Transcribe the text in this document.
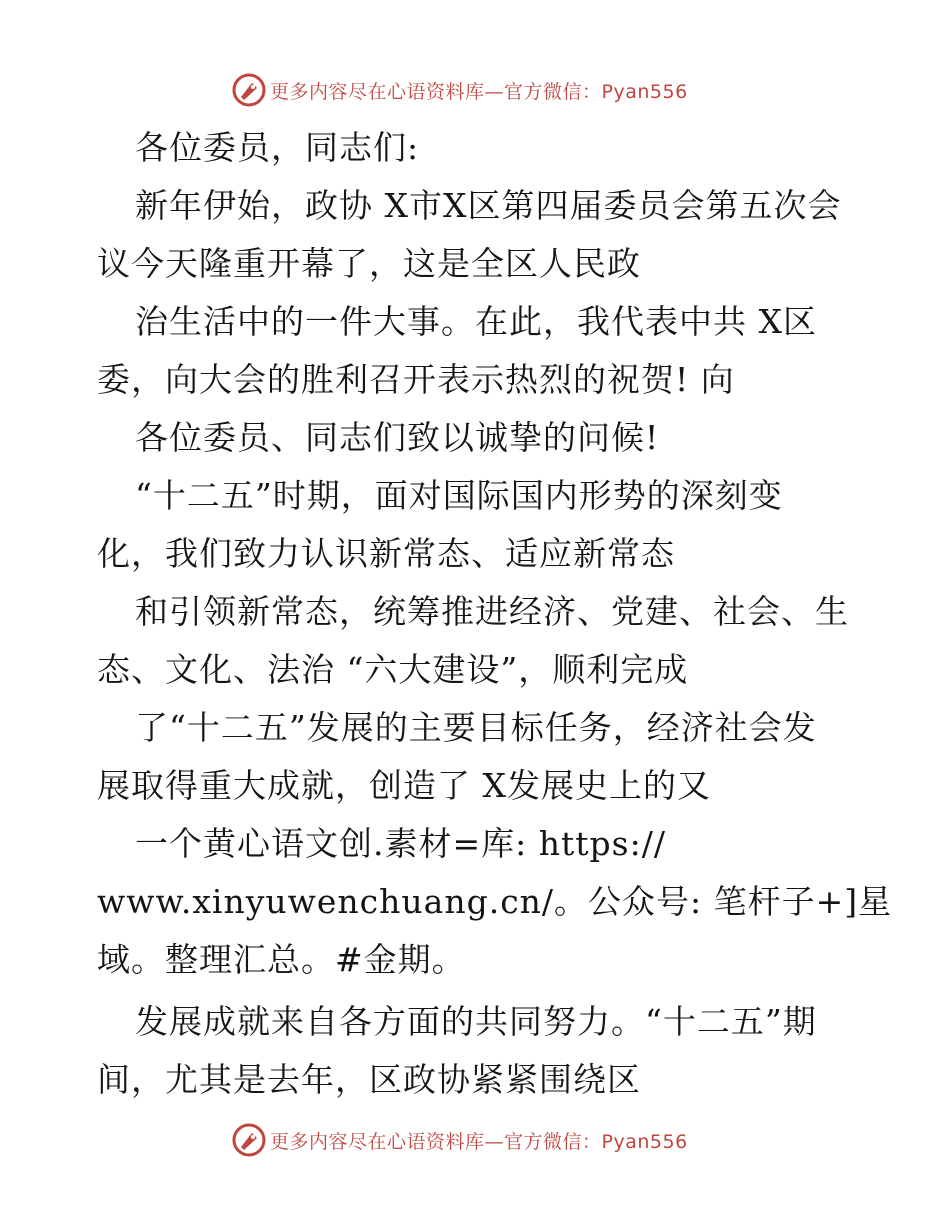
更多内容尽在心语资料库—官方微信：Pyan556
各位委员，同志们:
新年伊始，政协 X市X区第四届委员会第五次会
议今天隆重开幕了，这是全区人民政
治生活中的一件大事。在此，我代表中共 X区
委，向大会的胜利召开表示热烈的祝贺! 向
各位委员、同志们致以诚挚的问候!
“十二五”时期，面对国际国内形势的深刻变
化，我们致力认识新常态、适应新常态
和引领新常态，统筹推进经济、党建、社会、生
态、文化、法治 “六大建设”，顺利完成
了“十二五”发展的主要目标任务，经济社会发
展取得重大成就，创造了 X发展史上的又
一个黄心语文创.素材=库: https://
www.xinyuwenchuang.cn/。公众号: 笔杆子+]星
域。整理汇总。#金期。
发展成就来自各方面的共同努力。“十二五”期
间，尤其是去年，区政协紧紧围绕区
更多内容尽在心语资料库—官方微信：Pyan556
